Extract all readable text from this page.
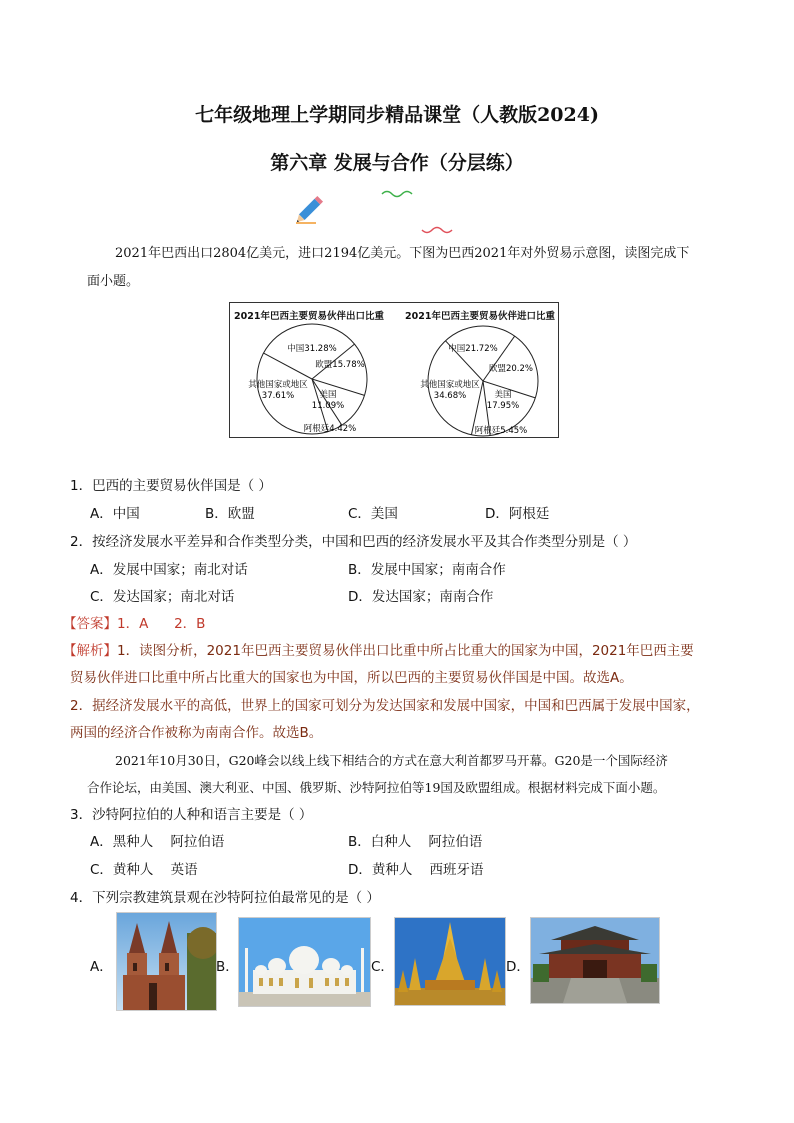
七年级地理上学期同步精品课堂（人教版2024)
第六章 发展与合作（分层练）
基	础	检	测
2021年巴西出口2804亿美元，进口2194亿美元。下图为巴西2021年对外贸易示意图，读图完成下
面小题。
2021年巴西主要贸易伙伴出口比重 2021年巴西主要贸易伙伴进口比重
中国31.28%
欧盟15.78%
美国 11.09%
阿根廷4.42%
其他国家或地区 37.61%
中国21.72%
欧盟20.2%
美国 17.95%
阿根廷5.45%
其他国家或地区 34.68%
1．巴西的主要贸易伙伴国是（ ）
A．中国	B．欧盟	C．美国	D．阿根廷
2．按经济发展水平差异和合作类型分类，中国和巴西的经济发展水平及其合作类型分别是（ ）
A．发展中国家；南北对话	B．发展中国家；南南合作
C．发达国家；南北对话	D．发达国家；南南合作
【答案】1．A      2．B
【解析】1．读图分析，2021年巴西主要贸易伙伴出口比重中所占比重大的国家为中国，2021年巴西主要
贸易伙伴进口比重中所占比重大的国家也为中国，所以巴西的主要贸易伙伴国是中国。故选A。
2．据经济发展水平的高低，世界上的国家可划分为发达国家和发展中国家，中国和巴西属于发展中国家，
两国的经济合作被称为南南合作。故选B。
2021年10月30日，G20峰会以线上线下相结合的方式在意大利首都罗马开幕。G20是一个国际经济
合作论坛，由美国、澳大利亚、中国、俄罗斯、沙特阿拉伯等19国及欧盟组成。根据材料完成下面小题。
3．沙特阿拉伯的人种和语言主要是（ ）
A．黑种人    阿拉伯语	B．白种人    阿拉伯语
C．黄种人    英语	D．黄种人    西班牙语
4．下列宗教建筑景观在沙特阿拉伯最常见的是（ ）
A．	B．	C．	D．
